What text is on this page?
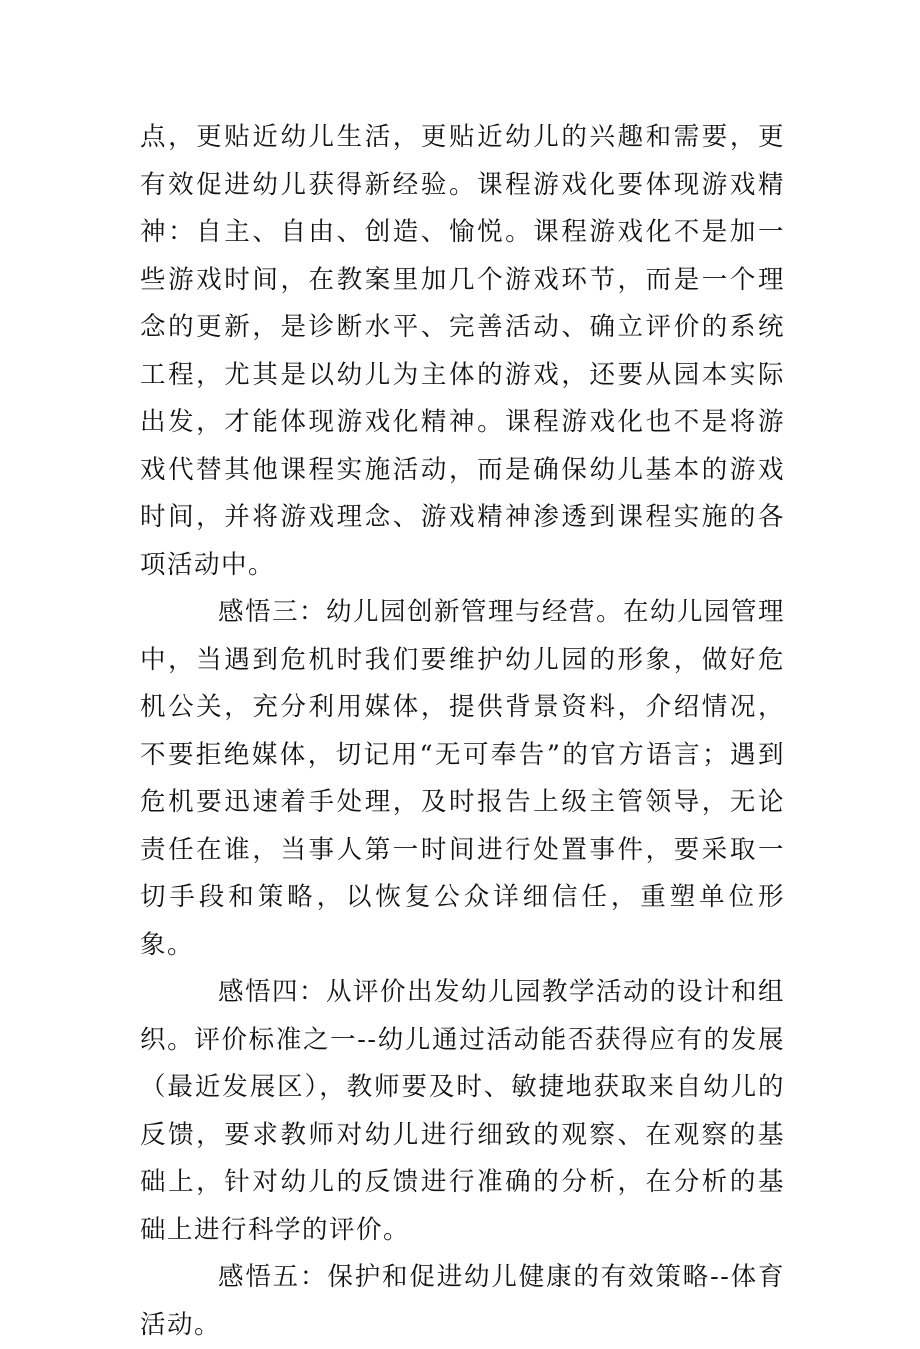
点，更贴近幼儿生活，更贴近幼儿的兴趣和需要，更有效促进幼儿获得新经验。课程游戏化要体现游戏精神：自主、自由、创造、愉悦。课程游戏化不是加一些游戏时间，在教案里加几个游戏环节，而是一个理念的更新，是诊断水平、完善活动、确立评价的系统工程，尤其是以幼儿为主体的游戏，还要从园本实际出发，才能体现游戏化精神。课程游戏化也不是将游戏代替其他课程实施活动，而是确保幼儿基本的游戏时间，并将游戏理念、游戏精神渗透到课程实施的各项活动中。

感悟三：幼儿园创新管理与经营。在幼儿园管理中，当遇到危机时我们要维护幼儿园的形象，做好危机公关，充分利用媒体，提供背景资料，介绍情况，不要拒绝媒体，切记用“无可奉告”的官方语言；遇到危机要迅速着手处理，及时报告上级主管领导，无论责任在谁，当事人第一时间进行处置事件，要采取一切手段和策略，以恢复公众详细信任，重塑单位形象。

感悟四：从评价出发幼儿园教学活动的设计和组织。评价标准之一--幼儿通过活动能否获得应有的发展（最近发展区），教师要及时、敏捷地获取来自幼儿的反馈，要求教师对幼儿进行细致的观察、在观察的基础上，针对幼儿的反馈进行准确的分析，在分析的基础上进行科学的评价。

感悟五：保护和促进幼儿健康的有效策略--体育活动。
